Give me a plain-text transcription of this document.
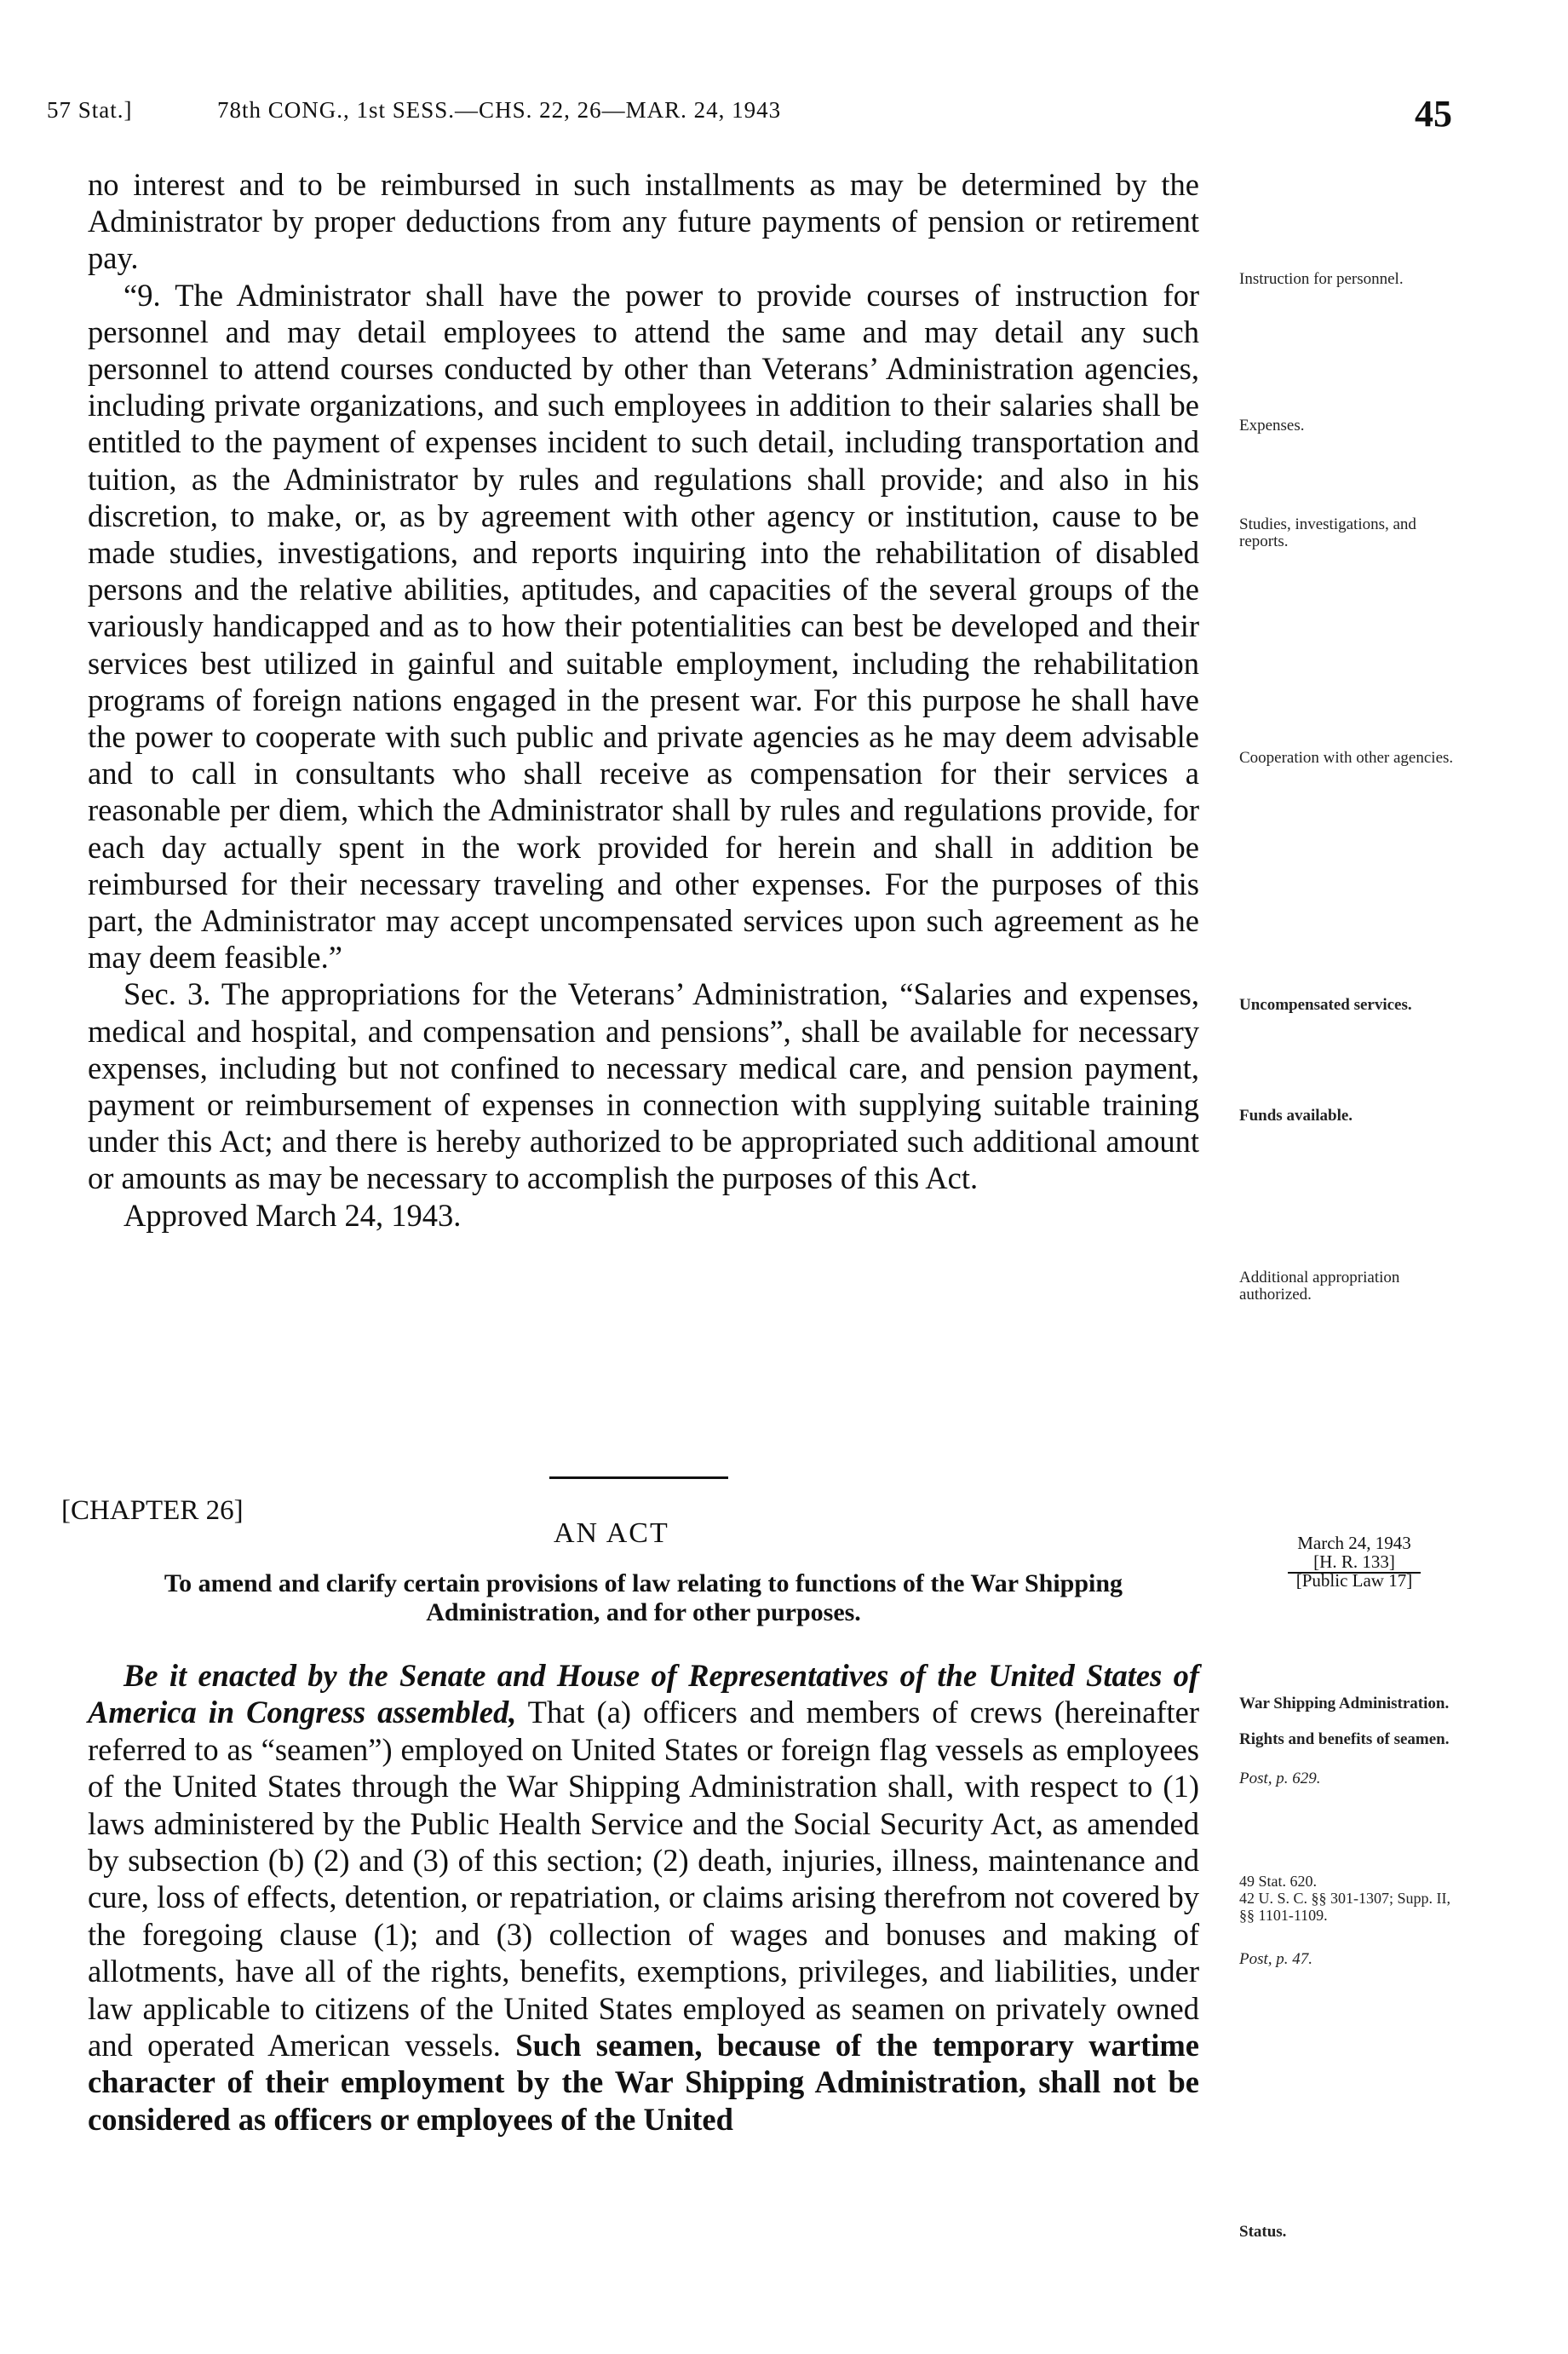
57 Stat.]	78th CONG., 1st SESS.—CHS. 22, 26—MAR. 24, 1943	45

no interest and to be reimbursed in such installments as may be determined by the Administrator by proper deductions from any future payments of pension or retirement pay.

“9. The Administrator shall have the power to provide courses of instruction for personnel and may detail employees to attend the same and may detail any such personnel to attend courses conducted by other than Veterans’ Administration agencies, including private organizations, and such employees in addition to their salaries shall be entitled to the payment of expenses incident to such detail, including transportation and tuition, as the Administrator by rules and regulations shall provide; and also in his discretion, to make, or, as by agreement with other agency or institution, cause to be made studies, investigations, and reports inquiring into the rehabilitation of disabled persons and the relative abilities, aptitudes, and capacities of the several groups of the variously handicapped and as to how their potentialities can best be developed and their services best utilized in gainful and suitable employment, including the rehabilitation programs of foreign nations engaged in the present war. For this purpose he shall have the power to cooperate with such public and private agencies as he may deem advisable and to call in consultants who shall receive as compensation for their services a reasonable per diem, which the Administrator shall by rules and regulations provide, for each day actually spent in the work provided for herein and shall in addition be reimbursed for their necessary traveling and other expenses. For the purposes of this part, the Administrator may accept uncompensated services upon such agreement as he may deem feasible.”

Sec. 3. The appropriations for the Veterans’ Administration, “Salaries and expenses, medical and hospital, and compensation and pensions”, shall be available for necessary expenses, including but not confined to necessary medical care, and pension payment, payment or reimbursement of expenses in connection with supplying suitable training under this Act; and there is hereby authorized to be appropriated such additional amount or amounts as may be necessary to accomplish the purposes of this Act.

Approved March 24, 1943.

Instruction for personnel.
Expenses.
Studies, investigations, and reports.
Cooperation with other agencies.
Uncompensated services.
Funds available.
Additional appropriation authorized.
[CHAPTER 26]
AN ACT
To amend and clarify certain provisions of law relating to functions of the War Shipping Administration, and for other purposes.
March 24, 1943
[H. R. 133]
[Public Law 17]

Be it enacted by the Senate and House of Representatives of the United States of America in Congress assembled, That (a) officers and members of crews (hereinafter referred to as “seamen”) employed on United States or foreign flag vessels as employees of the United States through the War Shipping Administration shall, with respect to (1) laws administered by the Public Health Service and the Social Security Act, as amended by subsection (b) (2) and (3) of this section; (2) death, injuries, illness, maintenance and cure, loss of effects, detention, or repatriation, or claims arising therefrom not covered by the foregoing clause (1); and (3) collection of wages and bonuses and making of allotments, have all of the rights, benefits, exemptions, privileges, and liabilities, under law applicable to citizens of the United States employed as seamen on privately owned and operated American vessels. Such seamen, because of the temporary wartime character of their employment by the War Shipping Administration, shall not be considered as officers or employees of the United

War Shipping Administration.
Rights and benefits of seamen.
Post, p. 629.
49 Stat. 620.
42 U. S. C. §§ 301-1307; Supp. II, §§ 1101-1109.
Post, p. 47.
Status.
